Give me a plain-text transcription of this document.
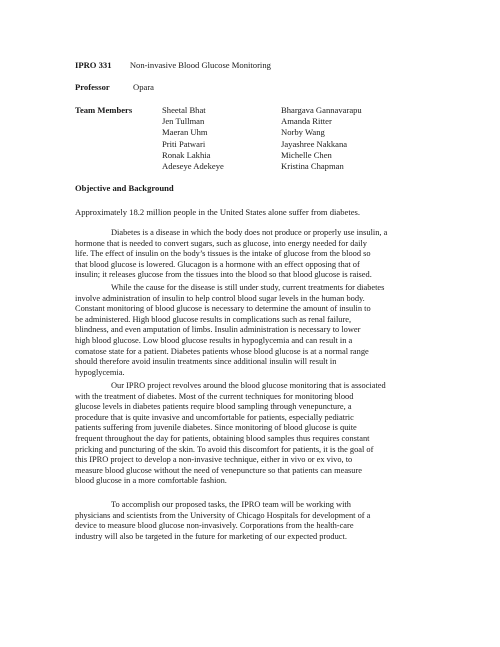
IPRO 331 Non-invasive Blood Glucose Monitoring
Professor	Opara
Team Members	Sheetal Bhat
Jen Tullman
Maeran Uhm
Priti Patwari
Ronak Lakhia
Adeseye Adekeye
Bhargava Gannavarapu
Amanda Ritter
Norby Wang
Jayashree Nakkana
Michelle Chen
Kristina Chapman
Objective and Background
Approximately 18.2 million people in the United States alone suffer from diabetes.
Diabetes is a disease in which the body does not produce or properly use insulin, a
hormone that is needed to convert sugars, such as glucose, into energy needed for daily
life. The effect of insulin on the body’s tissues is the intake of glucose from the blood so
that blood glucose is lowered. Glucagon is a hormone with an effect opposing that of
insulin; it releases glucose from the tissues into the blood so that blood glucose is raised.
While the cause for the disease is still under study, current treatments for diabetes
involve administration of insulin to help control blood sugar levels in the human body.
Constant monitoring of blood glucose is necessary to determine the amount of insulin to
be administered. High blood glucose results in complications such as renal failure,
blindness, and even amputation of limbs. Insulin administration is necessary to lower
high blood glucose. Low blood glucose results in hypoglycemia and can result in a
comatose state for a patient. Diabetes patients whose blood glucose is at a normal range
should therefore avoid insulin treatments since additional insulin will result in
hypoglycemia.
Our IPRO project revolves around the blood glucose monitoring that is associated
with the treatment of diabetes. Most of the current techniques for monitoring blood
glucose levels in diabetes patients require blood sampling through venepuncture, a
procedure that is quite invasive and uncomfortable for patients, especially pediatric
patients suffering from juvenile diabetes. Since monitoring of blood glucose is quite
frequent throughout the day for patients, obtaining blood samples thus requires constant
pricking and puncturing of the skin. To avoid this discomfort for patients, it is the goal of
this IPRO project to develop a non-invasive technique, either in vivo or ex vivo, to
measure blood glucose without the need of venepuncture so that patients can measure
blood glucose in a more comfortable fashion.
To accomplish our proposed tasks, the IPRO team will be working with
physicians and scientists from the University of Chicago Hospitals for development of a
device to measure blood glucose non-invasively. Corporations from the health-care
industry will also be targeted in the future for marketing of our expected product.
